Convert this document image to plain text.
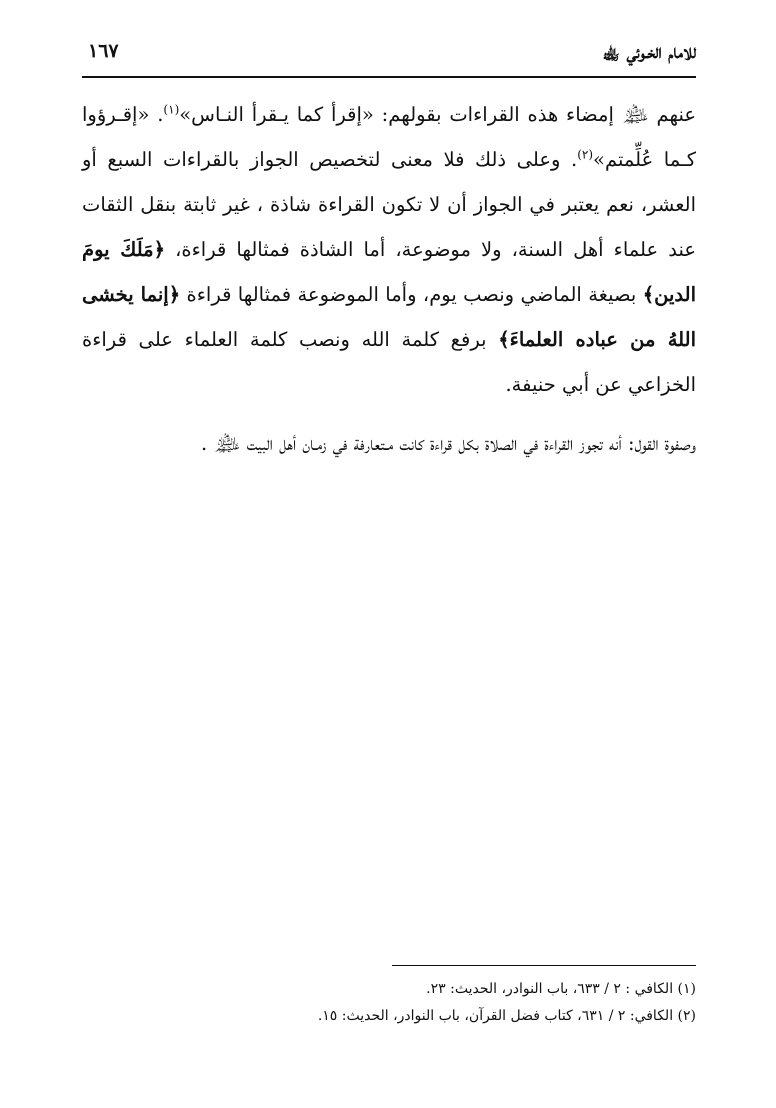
للامام الخـوئي ﵀
١٦٧

عنهم ﵈ إمضاء هذه القراءات بقولهم: «إقرأ كما يـقرأ النـاس»$^{(١)}$. «إقـرؤوا كـما عُلِّمتم»$^{(٢)}$. وعلى ذلك فلا معنى لتخصيص الجواز بالقراءات السبع أو العشر، نعم يعتبر في الجواز أن لا تكون القراءة شاذة ، غير ثابتة بنقل الثقات عند علماء أهل السنة، ولا موضوعة، أما الشاذة فمثالها قراءة، ﴿مَلَكَ يومَ الدين﴾ بصيغة الماضي ونصب يوم، وأما الموضوعة فمثالها قراءة ﴿إنما يخشى اللهُ من عباده العلماءَ﴾ برفع كلمة الله ونصب كلمة العلماء على قراءة الخزاعي عن أبي حنيفة.

وصفوة القول: أنه تجوز القراءة في الصلاة بكل قراءة كانت مـتعارفة في زمـان أهل البيت ﵈ .

(١) الكافي : ٢ / ٦٣٣، باب النوادر، الحديث: ٢٣.

(٢) الكافي: ٢ / ٦٣١، كتاب فضل القرآن، باب النوادر، الحديث: ١٥.
